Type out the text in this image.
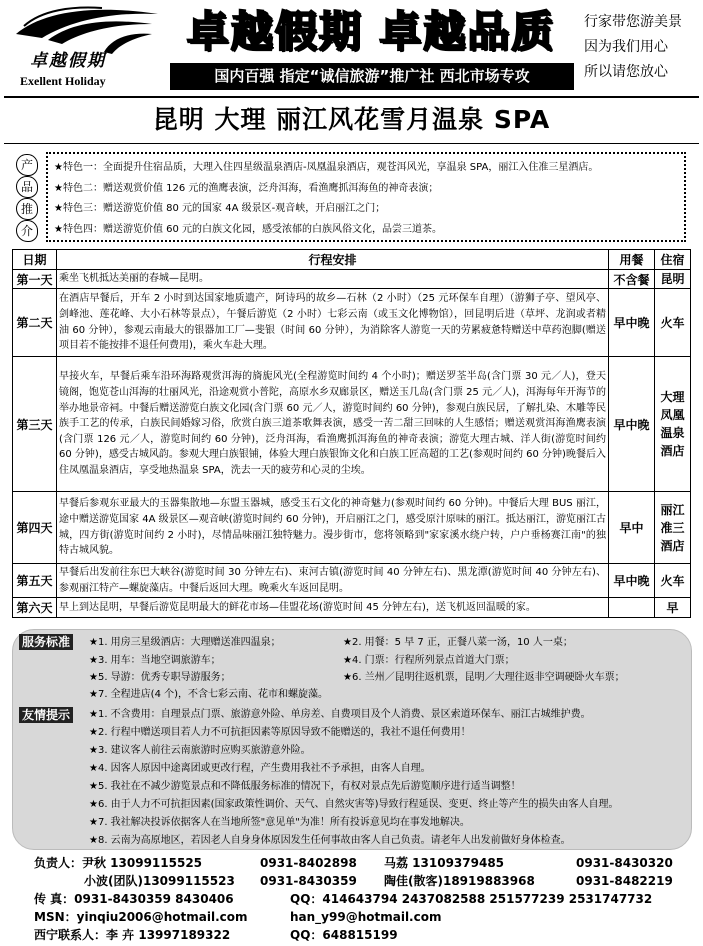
卓越假期
Exellent Holiday
卓越假期 卓越品质
国内百强 指定“诚信旅游”推广社 西北市场专攻
行家带您游美景
因为我们用心
所以请您放心
昆明 大理 丽江风花雪月温泉 SPA
产
品
推
介
★特色一：全面提升住宿品质，大理入住四星级温泉酒店-凤凰温泉酒店，观苍洱风光，享温泉 SPA，丽江入住准三星酒店。
★特色二：赠送观赏价值 126 元的渔鹰表演，泛舟洱海，看渔鹰抓洱海鱼的神奇表演；
★特色三：赠送游览价值 80 元的国家 4A 级景区-观音峡，开启丽江之门；
★特色四：赠送游览价值 60 元的白族文化园，感受浓郁的白族风俗文化，品尝三道茶。
日期	行程安排	用餐	住宿
第一天	乘坐飞机抵达美丽的春城—昆明。	不含餐	昆明
第二天	在酒店早餐后，开车 2 小时到达国家地质遗产，阿诗玛的故乡—石林（2 小时）（25 元环保车自理）（游狮子亭、望风亭、剑峰池、莲花峰、大小石林等景点），午餐后游览（2 小时）七彩云南（或玉文化博物馆），回昆明后进（草坪、龙润或者精油 60 分钟），参观云南最大的银器加工厂—斐银（时间 60 分钟），为消除客人游览一天的劳累疲惫特赠送中草药泡脚(赠送项目若不能按排不退任何费用)，乘火车赴大理。	早中晚	火车
第三天	早接火车，早餐后乘车沿环海路观赏洱海的旖旎风光(全程游览时间约 4 个小时)；赠送罗荃半岛(含门票 30 元／人)，登天镜阁，饱览苍山洱海的壮丽风光，沿途观赏小普陀，高原水乡双廊景区，赠送玉几岛(含门票 25 元／人)，洱海每年开海节的举办地景帝祠。中餐后赠送游览白族文化园(含门票 60 元／人，游览时间约 60 分钟)，参观白族民居，了解扎染、木雕等民族手工艺的传承，白族民间婚嫁习俗，欣赏白族三道茶歌舞表演，感受一苦二甜三回味的人生感悟；赠送观赏洱海渔鹰表演(含门票 126 元／人，游览时间约 60 分钟)，泛舟洱海，看渔鹰抓洱海鱼的神奇表演；游览大理古城、洋人街(游览时间约 60 分钟)，感受古城风韵。参观大理白族银铺，体验大理白族银饰文化和白族工匠高超的工艺(参观时间约 60 分钟)晚餐后入住凤凰温泉酒店，享受地热温泉 SPA，洗去一天的疲劳和心灵的尘埃。	早中晚	大理凤凰温泉酒店
第四天	早餐后参观东亚最大的玉器集散地—东盟玉器城，感受玉石文化的神奇魅力(参观时间约 60 分钟)。中餐后大理 BUS 丽江，途中赠送游览国家 4A 级景区—观音峡(游览时间约 60 分钟)，开启丽江之门，感受原汁原味的丽江。抵达丽江，游览丽江古城，四方街(游览时间约 2 小时)，尽情品味丽江独特魅力。漫步街市，您将领略到"家家溪水绕户转，户户垂杨赛江南"的独特古城风貌。	早中	丽江准三酒店
第五天	早餐后出发前往东巴大峡谷(游览时间 30 分钟左右)、束河古镇(游览时间 40 分钟左右)、黑龙潭(游览时间 40 分钟左右)、参观丽江特产—螺旋藻店。中餐后返回大理。晚乘火车返回昆明。	早中晚	火车
第六天	早上到达昆明，早餐后游览昆明最大的鲜花市场—佳盟花场(游览时间 45 分钟左右)，送飞机返回温暖的家。		早
服务标准	★1. 用房三星级酒店：大理赠送准四温泉；	★2. 用餐：5 早 7 正，正餐八菜一汤，10 人一桌；
★3. 用车：当地空调旅游车；	★4. 门票：行程所列景点首道大门票；
★5. 导游：优秀专职导游服务；	★6. 兰州／昆明往返机票，昆明／大理往返非空调硬卧火车票；
★7. 全程进店(4 个)，不含七彩云南、花市和螺旋藻。
友情提示	★1. 不含费用：自理景点门票、旅游意外险、单房差、自费项目及个人消费、景区索道环保车、丽江古城维护费。
★2. 行程中赠送项目若人力不可抗拒因素等原因导致不能赠送的，我社不退任何费用！
★3. 建议客人前往云南旅游时应购买旅游意外险。
★4. 因客人原因中途离团或更改行程，产生费用我社不予承担，由客人自理。
★5. 我社在不减少游览景点和不降低服务标准的情况下，有权对景点先后游览顺序进行适当调整！
★6. 由于人力不可抗拒因素(国家政策性调价、天气、自然灾害等)导致行程延误、变更、终止等产生的损失由客人自理。
★7. 我社解决投诉依据客人在当地所签"意见单"为准！所有投诉意见均在事发地解决。
★8. 云南为高原地区，若因老人自身身体原因发生任何事故由客人自己负责。请老年人出发前做好身体检查。
负责人：尹秋 13099115525	0931-8402898 马荔 13109379485	0931-8430320
小波(团队)13099115523 0931-8430359 陶佳(散客)18919883968	0931-8482219
传 真：0931-8430359 8430406	QQ：414643794 2437082588 251577239 2531747732
MSN：yinqiu2006@hotmail.com	han_y99@hotmail.com
西宁联系人：李 卉 13997189322	QQ：648815199
